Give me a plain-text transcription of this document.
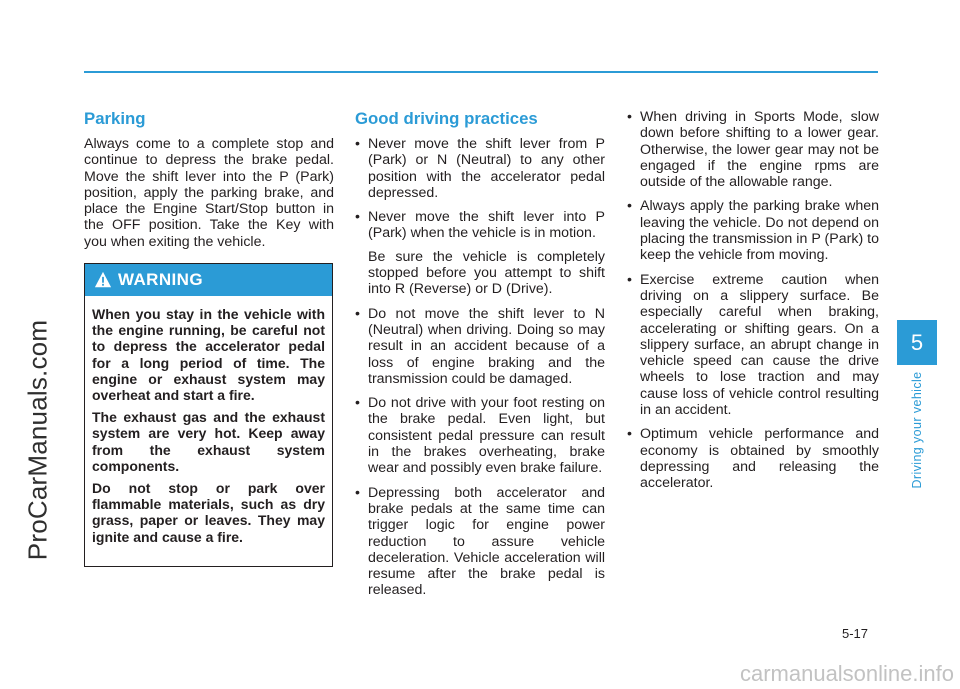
ProCarManuals.com	5
Driving your vehicle
Parking

Always come to a complete stop and continue to depress the brake pedal. Move the shift lever into the P (Park) position, apply the parking brake, and place the Engine Start/Stop button in the OFF position. Take the Key with you when exiting the vehicle.

WARNING

When you stay in the vehicle with the engine running, be careful not to depress the accelerator pedal for a long period of time. The engine or exhaust system may overheat and start a fire.

The exhaust gas and the exhaust system are very hot. Keep away from the exhaust system components.

Do not stop or park over flammable materials, such as dry grass, paper or leaves. They may ignite and cause a fire.

Good driving practices
• Never move the shift lever from P (Park) or N (Neutral) to any other position with the accelerator pedal depressed.
• Never move the shift lever into P (Park) when the vehicle is in motion.

Be sure the vehicle is completely stopped before you attempt to shift into R (Reverse) or D (Drive).

• Do not move the shift lever to N (Neutral) when driving. Doing so may result in an accident because of a loss of engine braking and the transmission could be damaged.
• Do not drive with your foot resting on the brake pedal. Even light, but consistent pedal pressure can result in the brakes overheating, brake wear and possibly even brake failure.
• Depressing both accelerator and brake pedals at the same time can trigger logic for engine power reduction to assure vehicle deceleration. Vehicle acceleration will resume after the brake pedal is released.
• When driving in Sports Mode, slow down before shifting to a lower gear. Otherwise, the lower gear may not be engaged if the engine rpms are outside of the allowable range.
• Always apply the parking brake when leaving the vehicle. Do not depend on placing the transmission in P (Park) to keep the vehicle from moving.
• Exercise extreme caution when driving on a slippery surface. Be especially careful when braking, accelerating or shifting gears. On a slippery surface, an abrupt change in vehicle speed can cause the drive wheels to lose traction and may cause loss of vehicle control resulting in an accident.
• Optimum vehicle performance and economy is obtained by smoothly depressing and releasing the accelerator.
5-17
carmanualsonline.info
